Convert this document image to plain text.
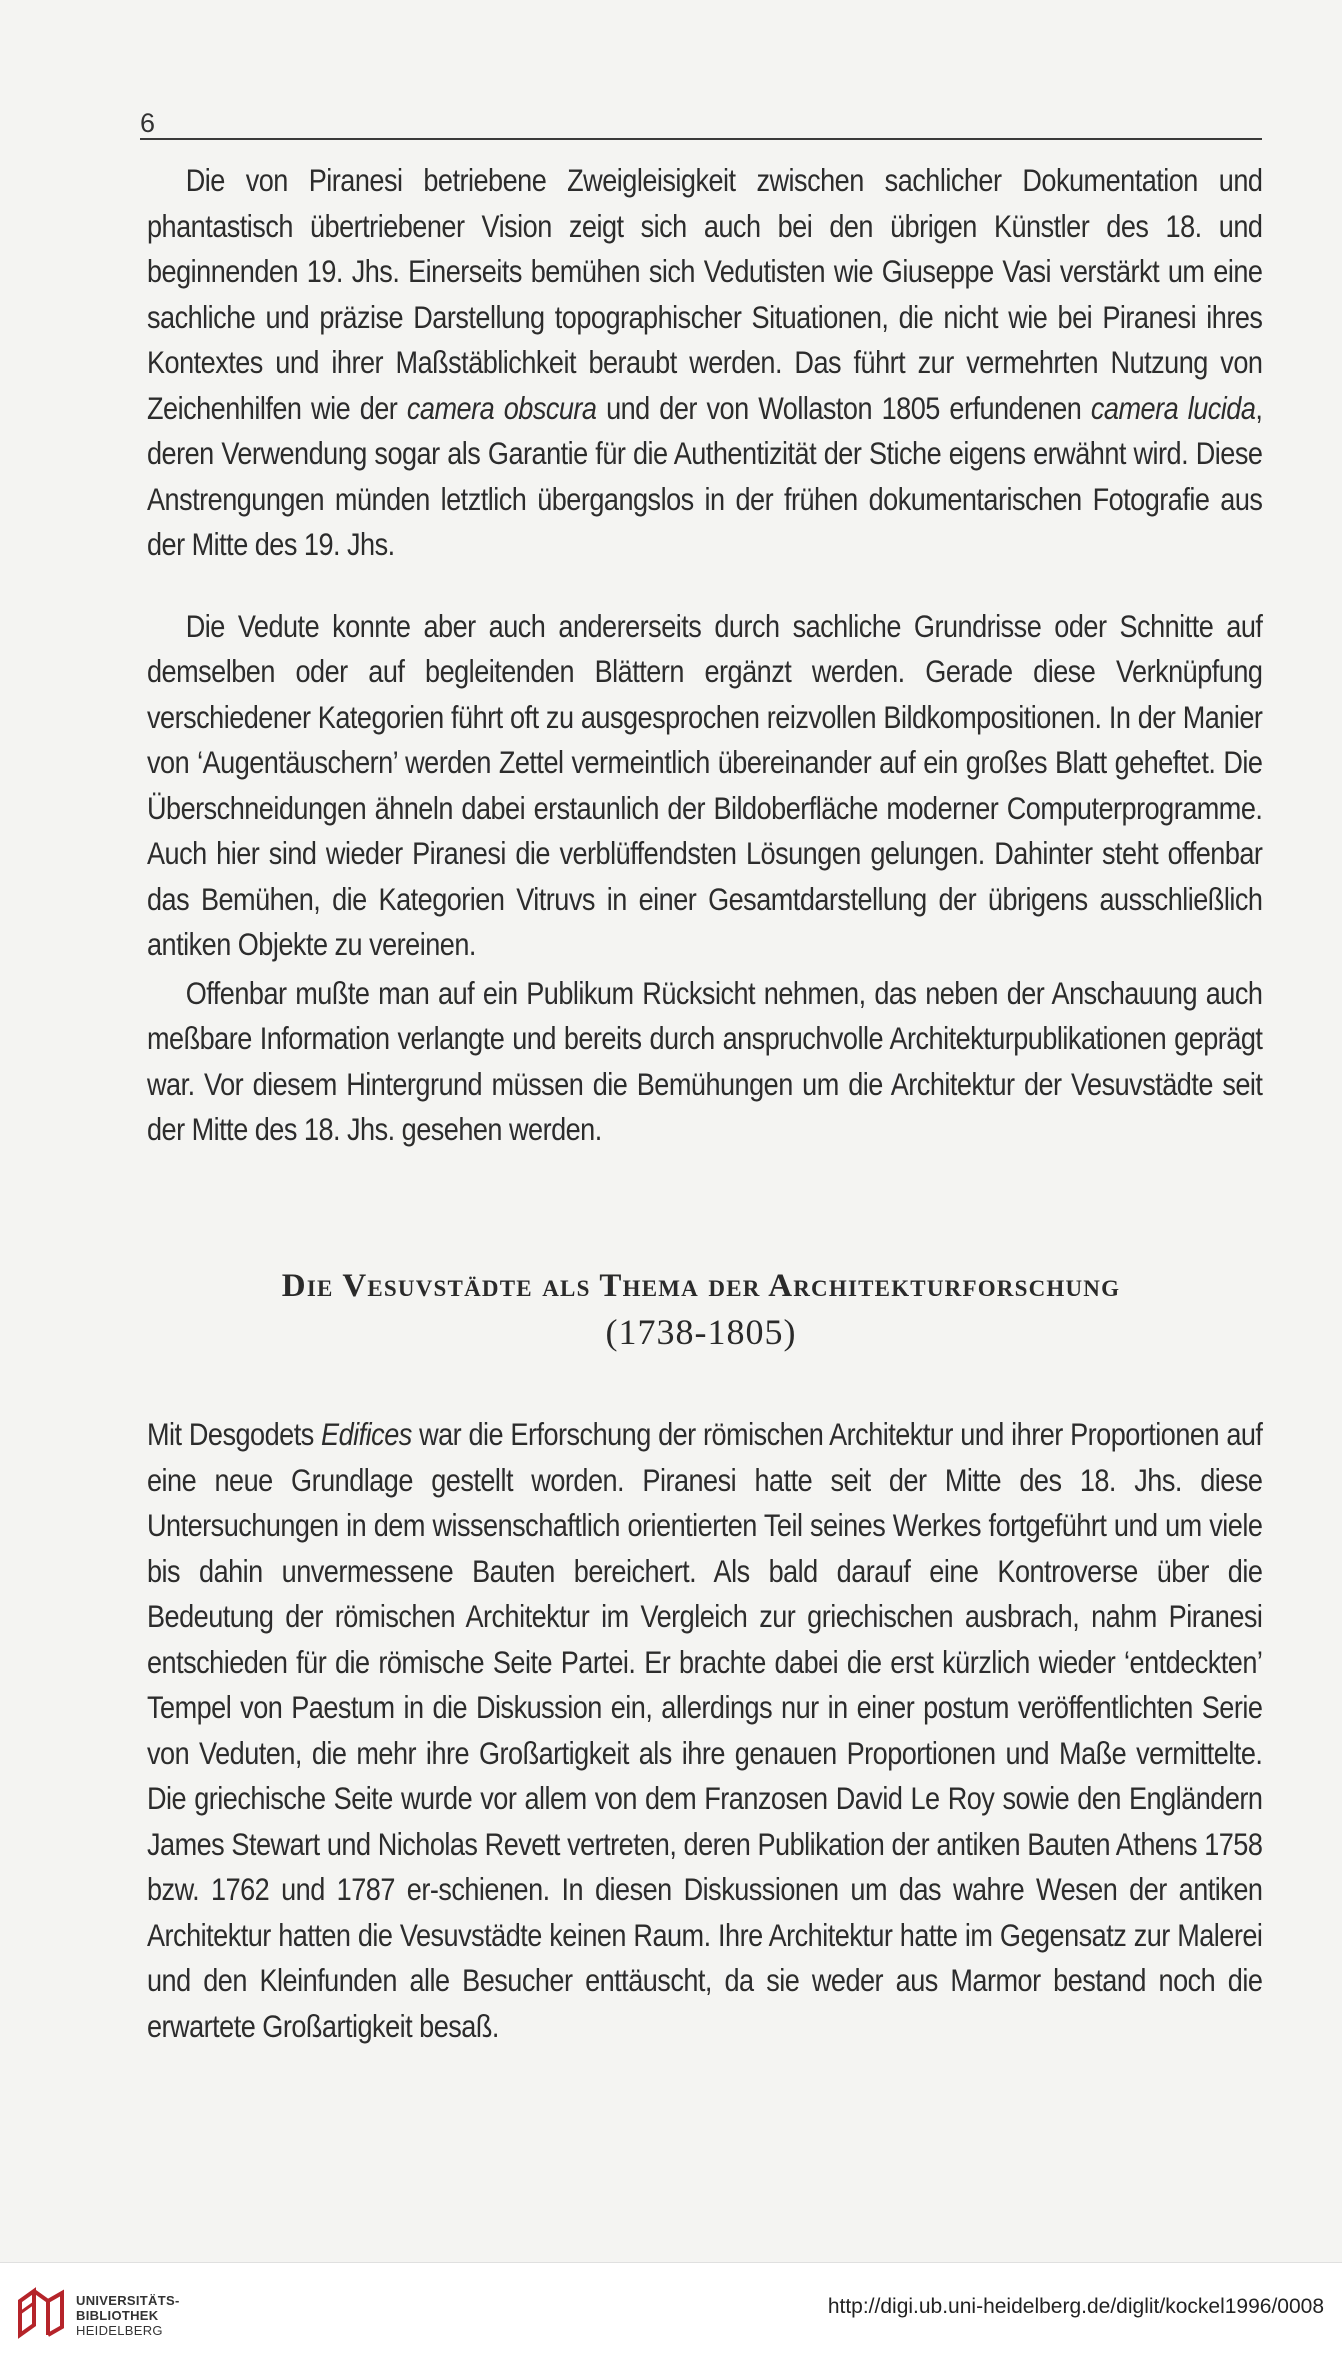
6

Die von Piranesi betriebene Zweigleisigkeit zwischen sachlicher Dokumentation und phantastisch übertriebener Vision zeigt sich auch bei den übrigen Künstler des 18. und beginnenden 19. Jhs. Einerseits bemühen sich Vedutisten wie Giuseppe Vasi verstärkt um eine sachliche und präzise Darstellung topographischer Situationen, die nicht wie bei Piranesi ihres Kontextes und ihrer Maßstäblichkeit beraubt werden. Das führt zur vermehrten Nutzung von Zeichenhilfen wie der camera obscura und der von Wollaston 1805 erfundenen camera lucida, deren Verwendung sogar als Garantie für die Authentizität der Stiche eigens erwähnt wird. Diese Anstrengungen münden letztlich übergangslos in der frühen dokumentarischen Fotografie aus der Mitte des 19. Jhs.

Die Vedute konnte aber auch andererseits durch sachliche Grundrisse oder Schnitte auf demselben oder auf begleitenden Blättern ergänzt werden. Gerade diese Verknüpfung verschiedener Kategorien führt oft zu ausgesprochen reizvollen Bildkompositionen. In der Manier von ‘Augentäuschern’ werden Zettel vermeintlich übereinander auf ein großes Blatt geheftet. Die Überschneidungen ähneln dabei erstaunlich der Bildoberfläche moderner Computerprogramme. Auch hier sind wieder Piranesi die verblüffendsten Lösungen gelungen. Dahinter steht offenbar das Bemühen, die Kategorien Vitruvs in einer Gesamtdarstellung der übrigens ausschließlich antiken Objekte zu vereinen.

Offenbar mußte man auf ein Publikum Rücksicht nehmen, das neben der Anschauung auch meßbare Information verlangte und bereits durch anspruchvolle Architekturpublikationen geprägt war. Vor diesem Hintergrund müssen die Bemühungen um die Architektur der Vesuvstädte seit der Mitte des 18. Jhs. gesehen werden.

Die Vesuvstädte als Thema der Architekturforschung
(1738-1805)

Mit Desgodets Edifices war die Erforschung der römischen Architektur und ihrer Proportionen auf eine neue Grundlage gestellt worden. Piranesi hatte seit der Mitte des 18. Jhs. diese Untersuchungen in dem wissenschaftlich orientierten Teil seines Werkes fortgeführt und um viele bis dahin unvermessene Bauten bereichert. Als bald darauf eine Kontroverse über die Bedeutung der römischen Architektur im Vergleich zur griechischen ausbrach, nahm Piranesi entschieden für die römische Seite Partei. Er brachte dabei die erst kürzlich wieder ‘entdeckten’ Tempel von Paestum in die Diskussion ein, allerdings nur in einer postum veröffentlichten Serie von Veduten, die mehr ihre Großartigkeit als ihre genauen Proportionen und Maße vermittelte. Die griechische Seite wurde vor allem von dem Franzosen David Le Roy sowie den Engländern James Stewart und Nicholas Revett vertreten, deren Publikation der antiken Bauten Athens 1758 bzw. 1762 und 1787 er-schienen. In diesen Diskussionen um das wahre Wesen der antiken Architektur hatten die Vesuvstädte keinen Raum. Ihre Architektur hatte im Gegensatz zur Malerei und den Kleinfunden alle Besucher enttäuscht, da sie weder aus Marmor bestand noch die erwartete Großartigkeit besaß.

UNIVERSITÄTS-
BIBLIOTHEK
HEIDELBERG
http://digi.ub.uni-heidelberg.de/diglit/kockel1996/0008
